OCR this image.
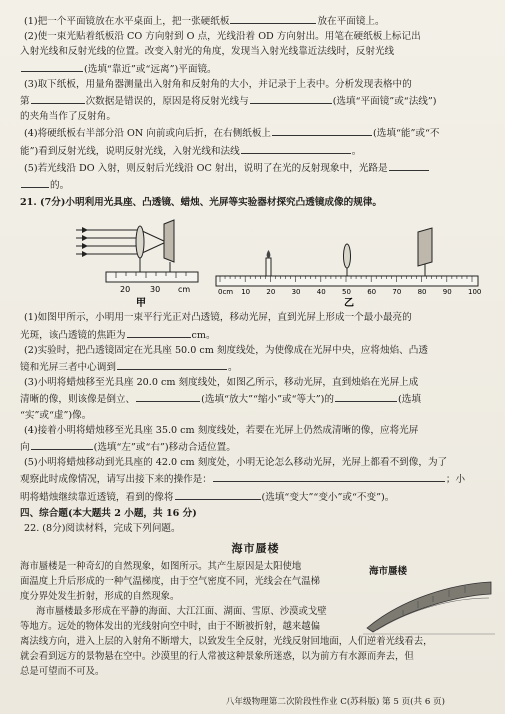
(1)把一个平面镜放在水平桌面上，把一张硬纸板	放在平面镜上。
(2)使一束光贴着纸板沿 CO 方向射到 O 点，光线沿着 OD 方向射出。用笔在硬纸板上标记出
入射光线和反射光线的位置。改变入射光的角度，发现当入射光线靠近法线时，反射光线
(选填“靠近”或“远离”)平面镜。
(3)取下纸板，用量角器测量出入射角和反射角的大小，并记录于上表中。分析发现表格中的
第	次数据是错误的，原因是将反射光线与	(选填“平面镜”或“法线”)
的夹角当作了反射角。
(4)将硬纸板右半部分沿 ON 向前或向后折，在右侧纸板上	(选填“能”或“不
能”)看到反射光线，说明反射光线，入射光线和法线	。
(5)若光线沿 DO 入射，则反射后光线沿 OC 射出，说明了在光的反射现象中，光路是
的。
21. (7分)小明利用光具座、凸透镜、蜡烛、光屏等实验器材探究凸透镜成像的规律。
20 30 cm
甲
0cm 10 20 30 40 50 60 70 80 90 100
乙
(1)如图甲所示，小明用一束平行光正对凸透镜，移动光屏，直到光屏上形成一个最小最亮的
光斑，该凸透镜的焦距为	cm。
(2)实验时，把凸透镜固定在光具座 50.0 cm 刻度线处，为使像成在光屏中央，应将烛焰、凸透
镜和光屏三者中心调到	。
(3)小明将蜡烛移至光具座 20.0 cm 刻度线处，如图乙所示，移动光屏，直到烛焰在光屏上成
清晰的像，则该像是倒立、	(选填“放大”“缩小”或“等大”)的	(选填
“实”或“虚”)像。
(4)接着小明将蜡烛移至光具座 35.0 cm 刻度线处，若要在光屏上仍然成清晰的像，应将光屏
向	(选填“左”或“右”)移动合适位置。
(5)小明将蜡烛移动到光具座的 42.0 cm 刻度处，小明无论怎么移动光屏，光屏上都看不到像，为了
观察此时成像情况，请写出接下来的操作是：	；小
明将蜡烛继续靠近透镜，看到的像将	(选填“变大”“变小”或“不变”)。
四、综合题(本大题共 2 小题，共 16 分)
22. (8分)阅读材料，完成下列问题。
海市蜃楼
海市蜃楼是一种奇幻的自然现象，如图所示。其产生原因是太阳使地
面温度上升后形成的一种气温梯度，由于空气密度不同，光线会在气温梯
度分界处发生折射，形成的自然现象。
海市蜃楼最多形成在平静的海面、大江江面、湖面、雪原、沙漠或戈壁
等地方。远处的物体发出的光线射向空中时，由于不断被折射，越来越偏
离法线方向，进入上层的入射角不断增大，以致发生全反射，光线反射回地面，人们逆着光线看去，
就会看到远方的景物悬在空中。沙漠里的行人常被这种景象所迷惑，以为前方有水源而奔去，但
总是可望而不可及。
海市蜃楼
八年级物理第二次阶段性作业 C(苏科版) 第 5 页(共 6 页)
